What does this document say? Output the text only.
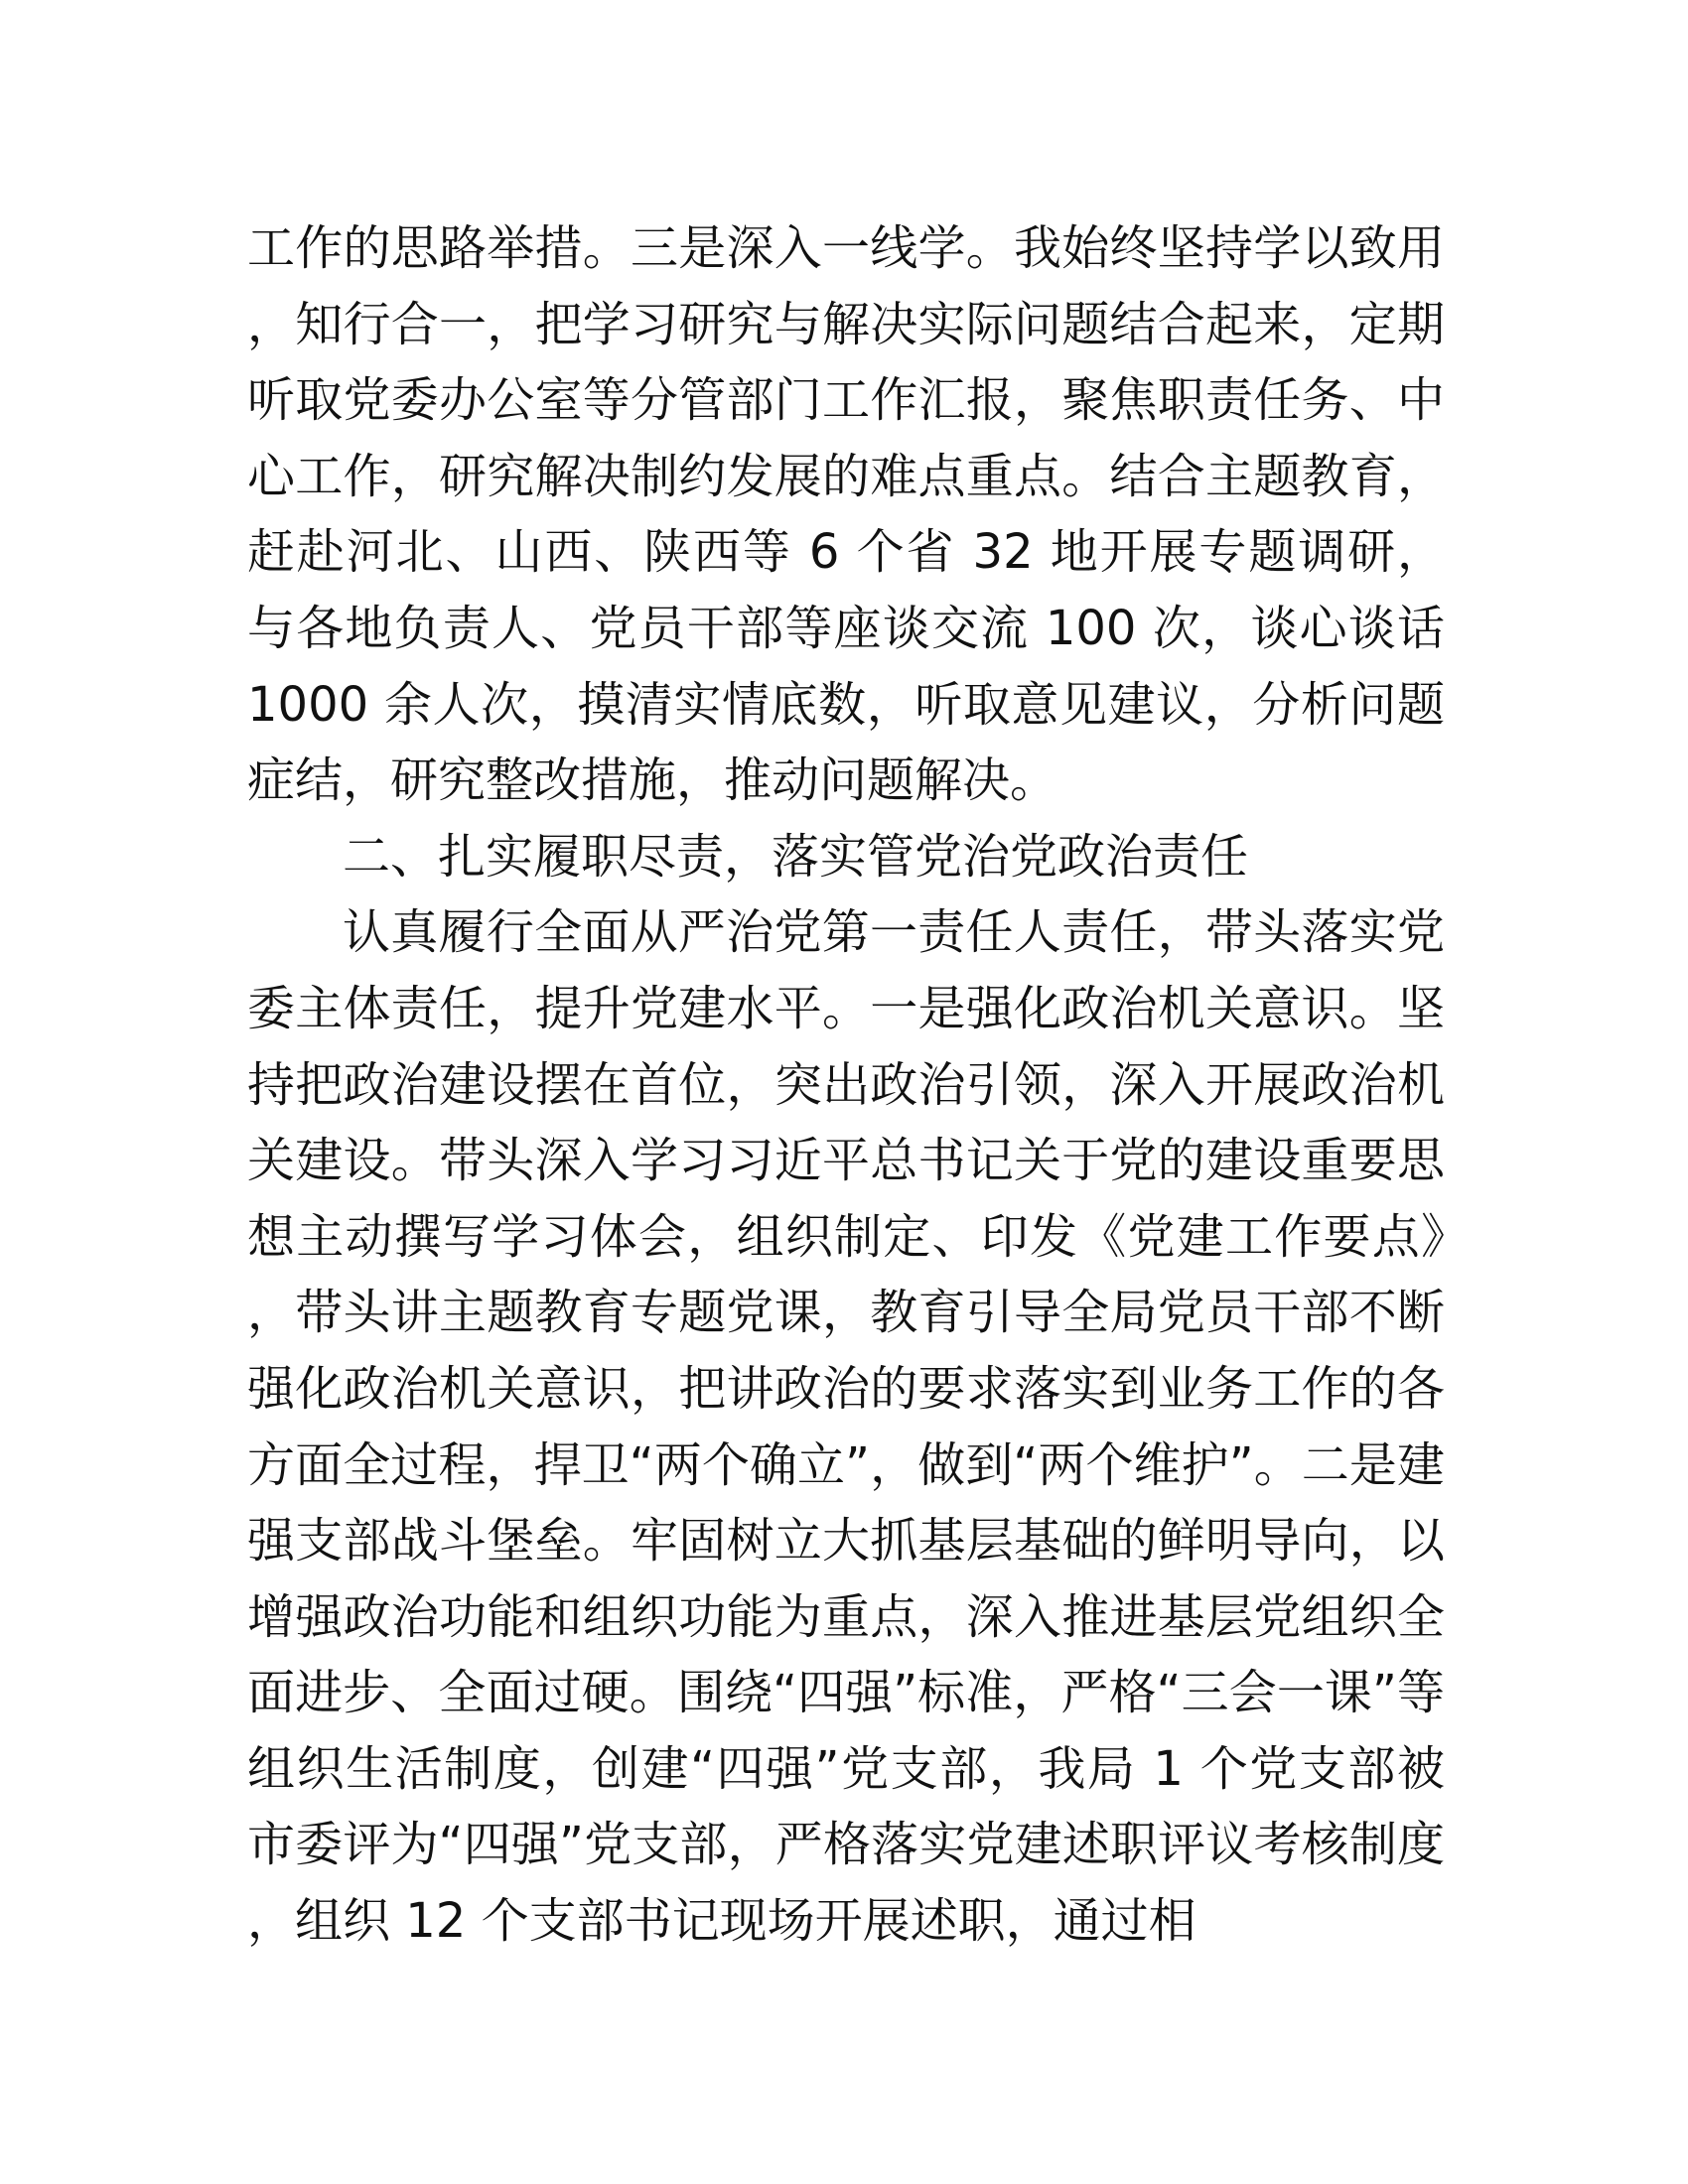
工作的思路举措。三是深入一线学。我始终坚持学以致用，知行合一，把学习研究与解决实际问题结合起来，定期听取党委办公室等分管部门工作汇报，聚焦职责任务、中心工作，研究解决制约发展的难点重点。结合主题教育，赶赴河北、山西、陕西等 6 个省 32 地开展专题调研，与各地负责人、党员干部等座谈交流 100 次，谈心谈话 1000 余人次，摸清实情底数，听取意见建议，分析问题症结，研究整改措施，推动问题解决。

二、扎实履职尽责，落实管党治党政治责任

认真履行全面从严治党第一责任人责任，带头落实党委主体责任，提升党建水平。一是强化政治机关意识。坚持把政治建设摆在首位，突出政治引领，深入开展政治机关建设。带头深入学习习近平总书记关于党的建设重要思想主动撰写学习体会，组织制定、印发《党建工作要点》，带头讲主题教育专题党课，教育引导全局党员干部不断强化政治机关意识，把讲政治的要求落实到业务工作的各方面全过程，捍卫“两个确立”，做到“两个维护”。二是建强支部战斗堡垒。牢固树立大抓基层基础的鲜明导向，以增强政治功能和组织功能为重点，深入推进基层党组织全面进步、全面过硬。围绕“四强”标准，严格“三会一课”等组织生活制度，创建“四强”党支部，我局 1 个党支部被市委评为“四强”党支部，严格落实党建述职评议考核制度，组织 12 个支部书记现场开展述职，通过相
